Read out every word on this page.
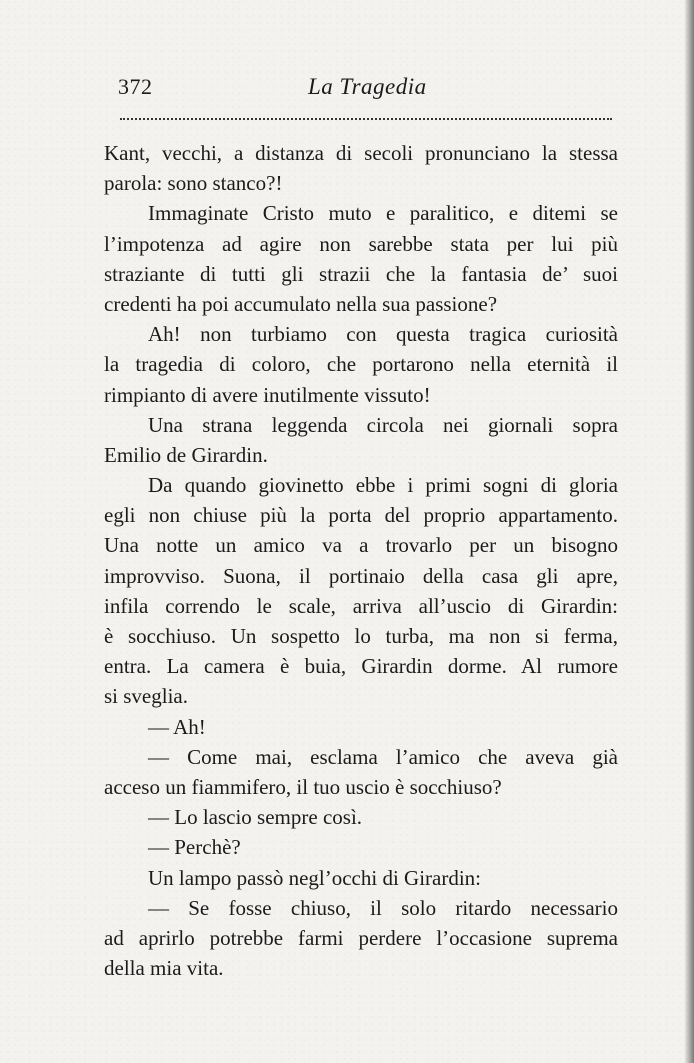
372	La Tragedia
Kant, vecchi, a distanza di secoli pronunciano la stessa
parola: sono stanco?!
Immaginate Cristo muto e paralitico, e ditemi se
l’impotenza ad agire non sarebbe stata per lui più
straziante di tutti gli strazii che la fantasia de’ suoi
credenti ha poi accumulato nella sua passione?
Ah! non turbiamo con questa tragica curiosità
la tragedia di coloro, che portarono nella eternità il
rimpianto di avere inutilmente vissuto!
Una strana leggenda circola nei giornali sopra
Emilio de Girardin.
Da quando giovinetto ebbe i primi sogni di gloria
egli non chiuse più la porta del proprio appartamento.
Una notte un amico va a trovarlo per un bisogno
improvviso. Suona, il portinaio della casa gli apre,
infila correndo le scale, arriva all’uscio di Girardin:
è socchiuso. Un sospetto lo turba, ma non si ferma,
entra. La camera è buia, Girardin dorme. Al rumore
si sveglia.
— Ah!
— Come mai, esclama l’amico che aveva già
acceso un fiammifero, il tuo uscio è socchiuso?
— Lo lascio sempre così.
— Perchè?
Un lampo passò negl’occhi di Girardin:
— Se fosse chiuso, il solo ritardo necessario
ad aprirlo potrebbe farmi perdere l’occasione suprema
della mia vita.
